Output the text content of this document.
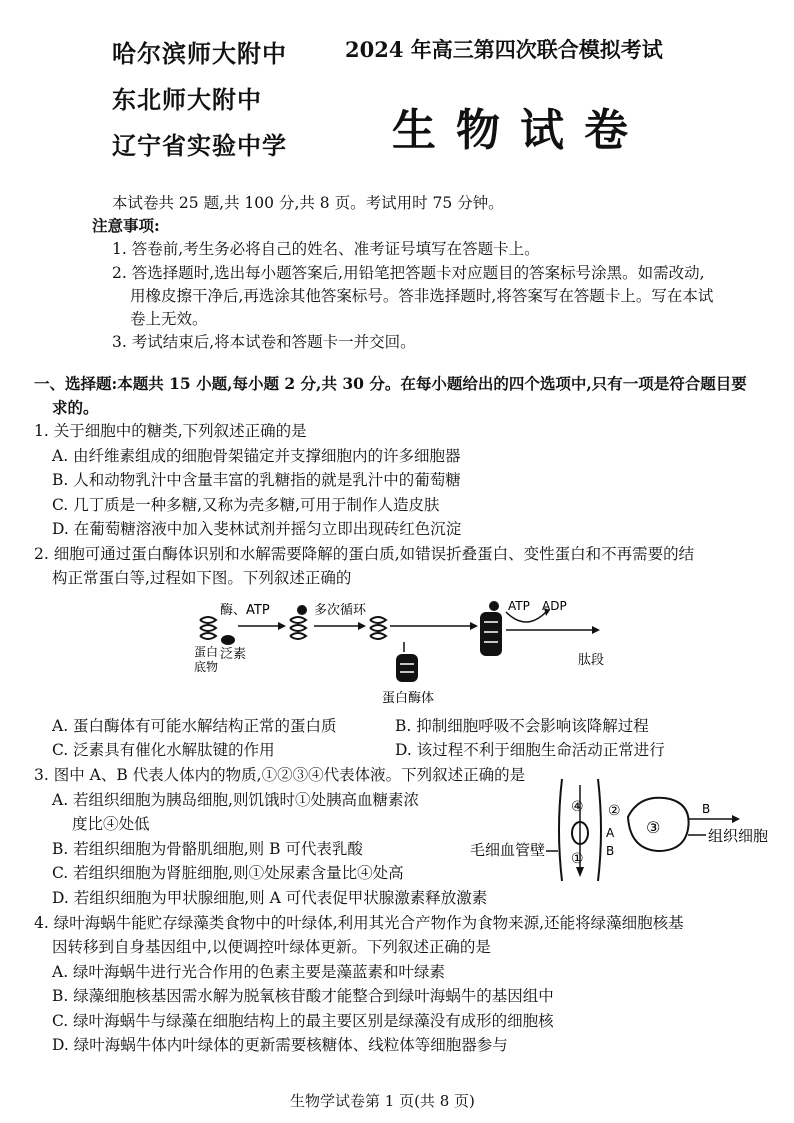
哈尔滨师大附中
东北师大附中
辽宁省实验中学
2024 年高三第四次联合模拟考试
生物试卷
本试卷共 25 题,共 100 分,共 8 页。考试用时 75 分钟。
注意事项:
1. 答卷前,考生务必将自己的姓名、准考证号填写在答题卡上。
2. 答选择题时,选出每小题答案后,用铅笔把答题卡对应题目的答案标号涂黑。如需改动,
用橡皮擦干净后,再选涂其他答案标号。答非选择题时,将答案写在答题卡上。写在本试
卷上无效。
3. 考试结束后,将本试卷和答题卡一并交回。
一、选择题:本题共 15 小题,每小题 2 分,共 30 分。在每小题给出的四个选项中,只有一项是符合题目要
求的。
1. 关于细胞中的糖类,下列叙述正确的是
A. 由纤维素组成的细胞骨架锚定并支撑细胞内的许多细胞器
B. 人和动物乳汁中含量丰富的乳糖指的就是乳汁中的葡萄糖
C. 几丁质是一种多糖,又称为壳多糖,可用于制作人造皮肤
D. 在葡萄糖溶液中加入斐林试剂并摇匀立即出现砖红色沉淀
2. 细胞可通过蛋白酶体识别和水解需要降解的蛋白质,如错误折叠蛋白、变性蛋白和不再需要的结
构正常蛋白等,过程如下图。下列叙述正确的
蛋白
底物
泛素
酶、ATP	多次循环
蛋白酶体
ATP ADP
肽段
A. 蛋白酶体有可能水解结构正常的蛋白质	B. 抑制细胞呼吸不会影响该降解过程
C. 泛素具有催化水解肽键的作用	D. 该过程不利于细胞生命活动正常进行
3. 图中 A、B 代表人体内的物质,①②③④代表体液。下列叙述正确的是
A. 若组织细胞为胰岛细胞,则饥饿时①处胰高血糖素浓
度比④处低
B. 若组织细胞为骨骼肌细胞,则 B 可代表乳酸
C. 若组织细胞为肾脏细胞,则①处尿素含量比④处高
D. 若组织细胞为甲状腺细胞,则 A 可代表促甲状腺激素释放激素
④
①
②
A
B
③
B
组织细胞
毛细血管壁
4. 绿叶海蜗牛能贮存绿藻类食物中的叶绿体,利用其光合产物作为食物来源,还能将绿藻细胞核基
因转移到自身基因组中,以便调控叶绿体更新。下列叙述正确的是
A. 绿叶海蜗牛进行光合作用的色素主要是藻蓝素和叶绿素
B. 绿藻细胞核基因需水解为脱氧核苷酸才能整合到绿叶海蜗牛的基因组中
C. 绿叶海蜗牛与绿藻在细胞结构上的最主要区别是绿藻没有成形的细胞核
D. 绿叶海蜗牛体内叶绿体的更新需要核糖体、线粒体等细胞器参与
生物学试卷第 1 页(共 8 页)
